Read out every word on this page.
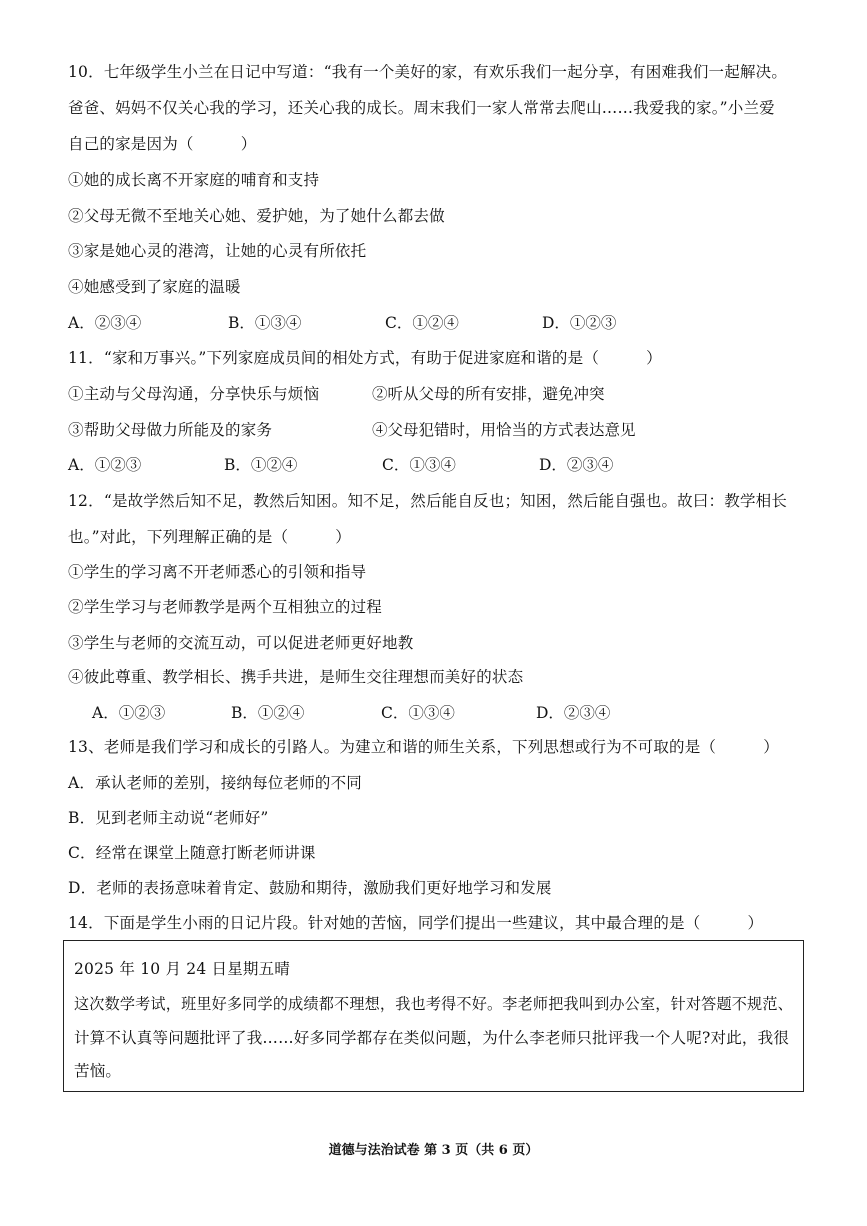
10．七年级学生小兰在日记中写道：“我有一个美好的家，有欢乐我们一起分享，有困难我们一起解决。
爸爸、妈妈不仅关心我的学习，还关心我的成长。周末我们一家人常常去爬山……我爱我的家。”小兰爱
自己的家是因为（　　　）
①她的成长离不开家庭的哺育和支持
②父母无微不至地关心她、爱护她，为了她什么都去做
③家是她心灵的港湾，让她的心灵有所依托
④她感受到了家庭的温暖
A．②③④	B．①③④	C．①②④	D．①②③
11．“家和万事兴。”下列家庭成员间的相处方式，有助于促进家庭和谐的是（　　　）
①主动与父母沟通，分享快乐与烦恼	②听从父母的所有安排，避免冲突
③帮助父母做力所能及的家务	④父母犯错时，用恰当的方式表达意见
A．①②③	B．①②④	C．①③④	D．②③④
12．“是故学然后知不足，教然后知困。知不足，然后能自反也；知困，然后能自强也。故曰：教学相长
也。”对此，下列理解正确的是（　　　）
①学生的学习离不开老师悉心的引领和指导
②学生学习与老师教学是两个互相独立的过程
③学生与老师的交流互动，可以促进老师更好地教
④彼此尊重、教学相长、携手共进，是师生交往理想而美好的状态
A．①②③	B．①②④	C．①③④	D．②③④
13、老师是我们学习和成长的引路人。为建立和谐的师生关系，下列思想或行为不可取的是（　　　）
A．承认老师的差别，接纳每位老师的不同
B．见到老师主动说“老师好”
C．经常在课堂上随意打断老师讲课
D．老师的表扬意味着肯定、鼓励和期待，激励我们更好地学习和发展
14．下面是学生小雨的日记片段。针对她的苦恼，同学们提出一些建议，其中最合理的是（　　　）
2025 年 10 月 24 日星期五晴
这次数学考试，班里好多同学的成绩都不理想，我也考得不好。李老师把我叫到办公室，针对答题不规范、
计算不认真等问题批评了我……好多同学都存在类似问题，为什么李老师只批评我一个人呢?对此，我很
苦恼。
道德与法治试卷 第 3 页（共 6 页）
